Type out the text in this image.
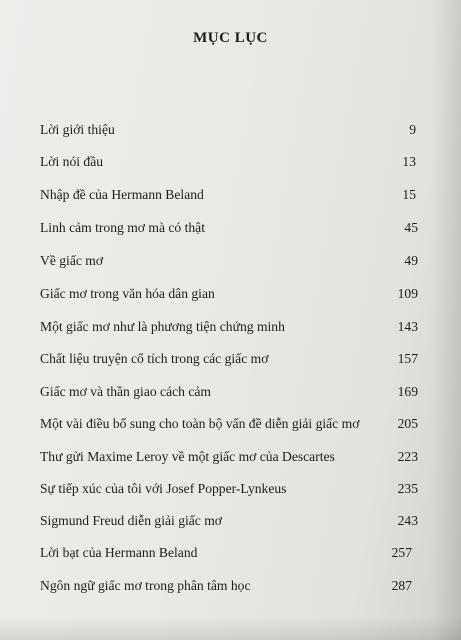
MỤC LỤC
Lời giới thiệu	9
Lời nói đầu	13
Nhập đề của Hermann Beland	15
Linh cảm trong mơ mà có thật	45
Về giấc mơ	49
Giấc mơ trong văn hóa dân gian	109
Một giấc mơ như là phương tiện chứng minh	143
Chất liệu truyện cổ tích trong các giấc mơ	157
Giấc mơ và thần giao cách cảm	169
Một vài điều bổ sung cho toàn bộ vấn đề diễn giải giấc mơ	205
Thư gửi Maxime Leroy về một giấc mơ của Descartes	223
Sự tiếp xúc của tôi với Josef Popper-Lynkeus	235
Sigmund Freud diễn giải giấc mơ	243
Lời bạt của Hermann Beland	257
Ngôn ngữ giấc mơ trong phân tâm học	287
